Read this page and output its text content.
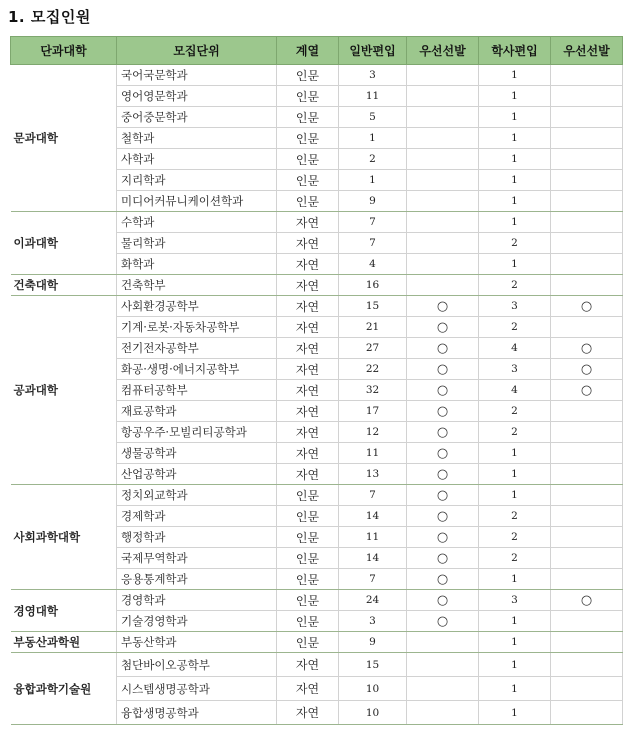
1. 모집인원
단과대학	모집단위	계열	일반편입	우선선발	학사편입	우선선발
문과대학	국어국문학과	인문	3		1	
	영어영문학과	인문	11		1	
	중어중문학과	인문	5		1	
	철학과	인문	1		1	
	사학과	인문	2		1	
	지리학과	인문	1		1	
	미디어커뮤니케이션학과	인문	9		1	
이과대학	수학과	자연	7		1	
	물리학과	자연	7		2	
	화학과	자연	4		1	
건축대학	건축학부	자연	16		2	
공과대학	사회환경공학부	자연	15	○	3	○
	기계·로봇·자동차공학부	자연	21	○	2	
	전기전자공학부	자연	27	○	4	○
	화공·생명·에너지공학부	자연	22	○	3	○
	컴퓨터공학부	자연	32	○	4	○
	재료공학과	자연	17	○	2	
	항공우주·모빌리티공학과	자연	12	○	2	
	생물공학과	자연	11	○	1	
	산업공학과	자연	13	○	1	
사회과학대학	정치외교학과	인문	7	○	1	
	경제학과	인문	14	○	2	
	행정학과	인문	11	○	2	
	국제무역학과	인문	14	○	2	
	응용통계학과	인문	7	○	1	
경영대학	경영학과	인문	24	○	3	○
	기술경영학과	인문	3	○	1	
부동산과학원	부동산학과	인문	9		1	
융합과학기술원	첨단바이오공학부	자연	15		1	
	시스템생명공학과	자연	10		1	
	융합생명공학과	자연	10		1	
